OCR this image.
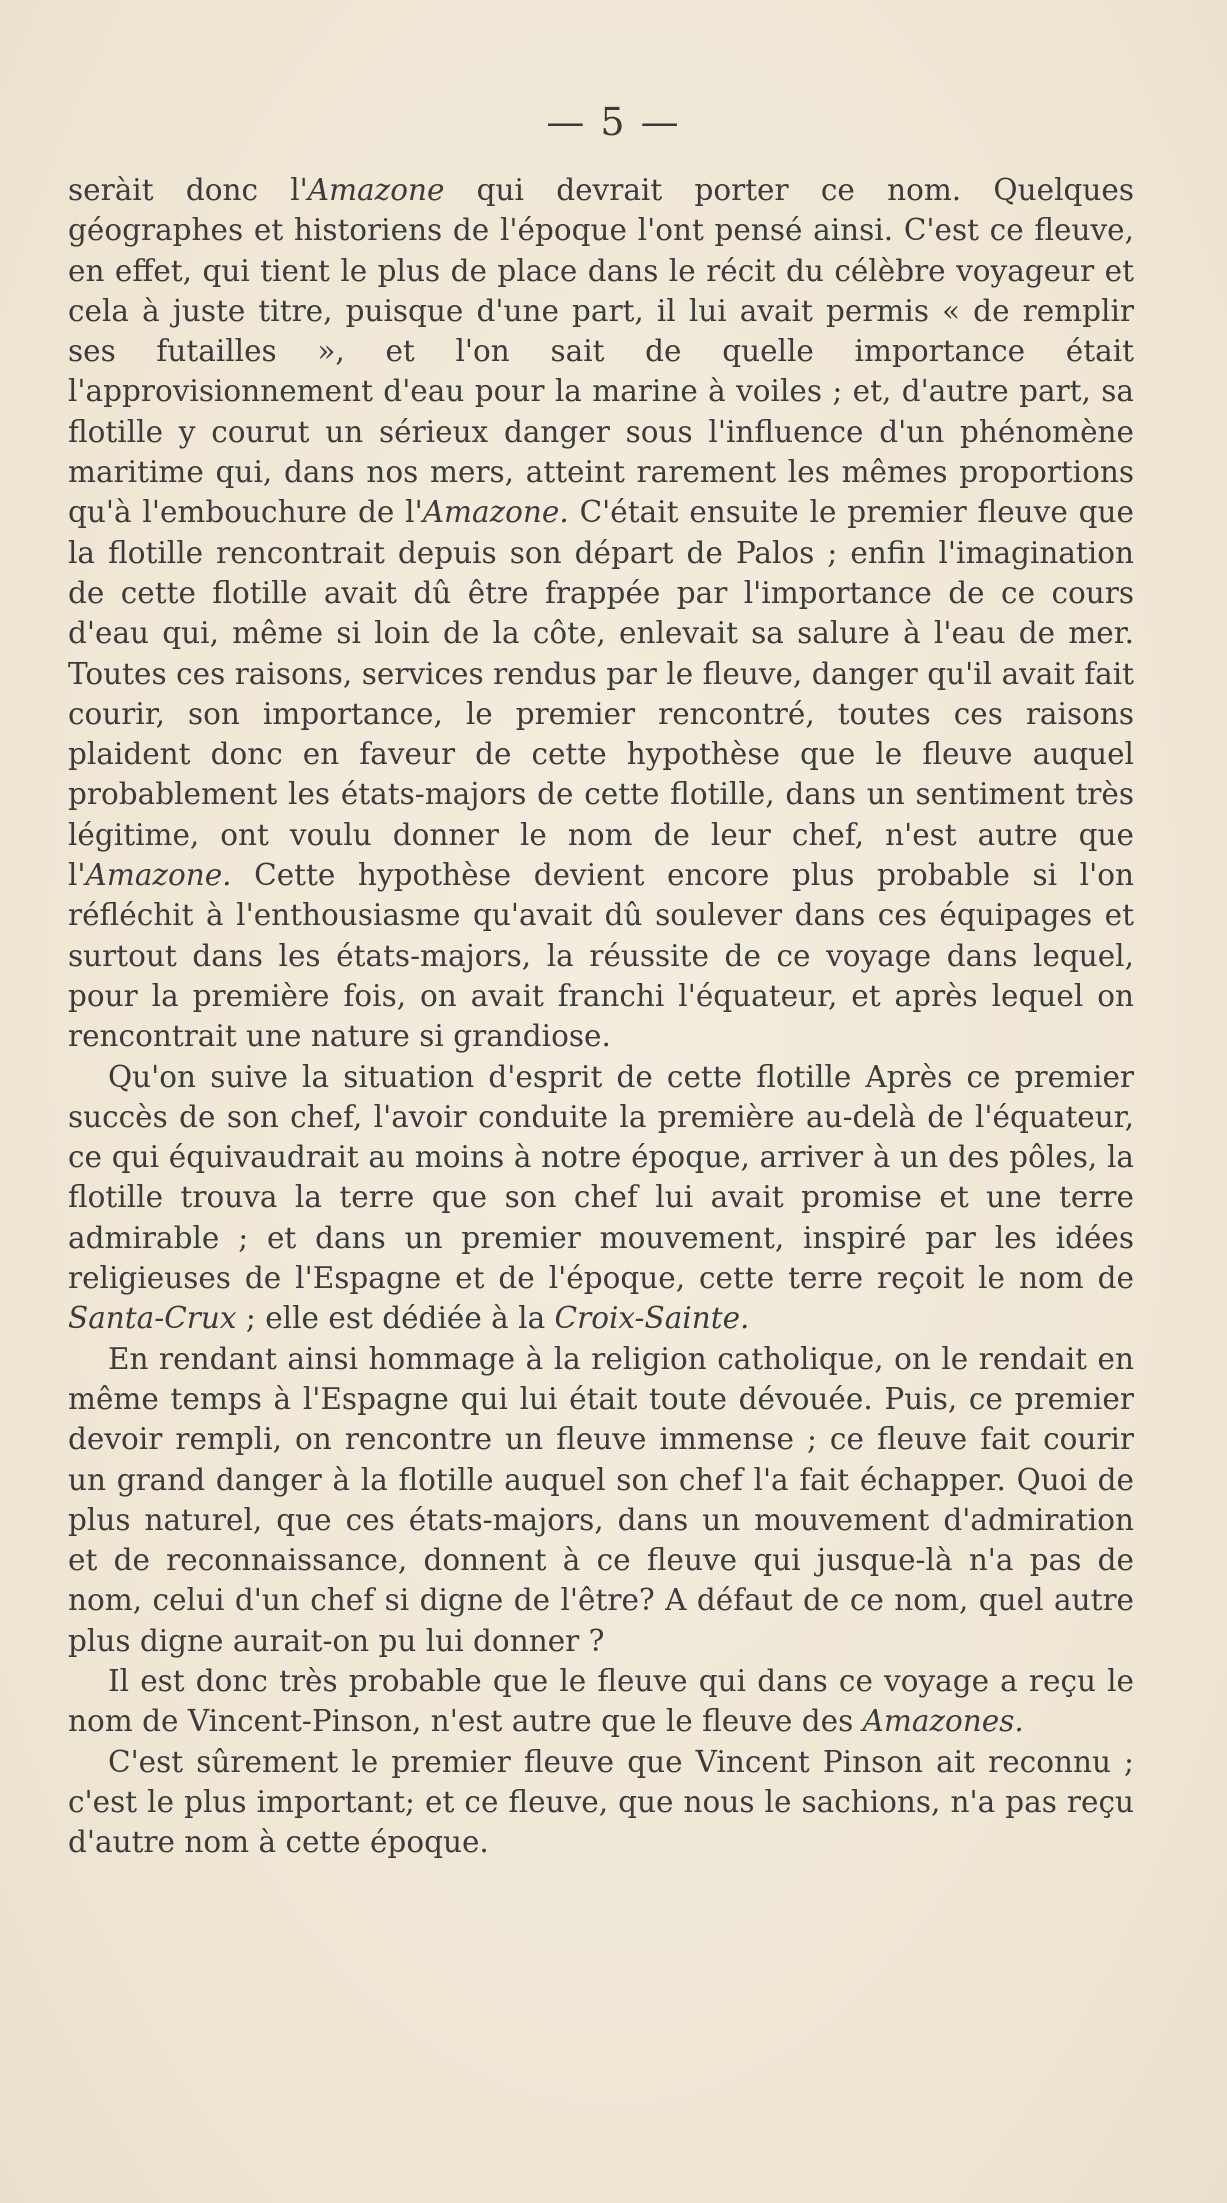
— 5 —

seràit donc l'Amazone qui devrait porter ce nom. Quelques géographes et historiens de l'époque l'ont pensé ainsi. C'est ce fleuve, en effet, qui tient le plus de place dans le récit du célèbre voyageur et cela à juste titre, puisque d'une part, il lui avait permis « de remplir ses futailles », et l'on sait de quelle importance était l'approvisionnement d'eau pour la marine à voiles ; et, d'autre part, sa flotille y courut un sérieux danger sous l'influence d'un phénomène maritime qui, dans nos mers, atteint rarement les mêmes proportions qu'à l'embouchure de l'Amazone. C'était ensuite le premier fleuve que la flotille rencontrait depuis son départ de Palos ; enfin l'imagination de cette flotille avait dû être frappée par l'importance de ce cours d'eau qui, même si loin de la côte, enlevait sa salure à l'eau de mer. Toutes ces raisons, services rendus par le fleuve, danger qu'il avait fait courir, son importance, le premier rencontré, toutes ces raisons plaident donc en faveur de cette hypothèse que le fleuve auquel probablement les états-majors de cette flotille, dans un sentiment très légitime, ont voulu donner le nom de leur chef, n'est autre que l'Amazone. Cette hypothèse devient encore plus probable si l'on réfléchit à l'enthousiasme qu'avait dû soulever dans ces équipages et surtout dans les états-majors, la réussite de ce voyage dans lequel, pour la première fois, on avait franchi l'équateur, et après lequel on rencontrait une nature si grandiose.

Qu'on suive la situation d'esprit de cette flotille Après ce premier succès de son chef, l'avoir conduite la première au-delà de l'équateur, ce qui équivaudrait au moins à notre époque, arriver à un des pôles, la flotille trouva la terre que son chef lui avait promise et une terre admirable ; et dans un premier mouvement, inspiré par les idées religieuses de l'Espagne et de l'époque, cette terre reçoit le nom de Santa-Crux ; elle est dédiée à la Croix-Sainte.

En rendant ainsi hommage à la religion catholique, on le rendait en même temps à l'Espagne qui lui était toute dévouée. Puis, ce premier devoir rempli, on rencontre un fleuve immense ; ce fleuve fait courir un grand danger à la flotille auquel son chef l'a fait échapper. Quoi de plus naturel, que ces états-majors, dans un mouvement d'admiration et de reconnaissance, donnent à ce fleuve qui jusque-là n'a pas de nom, celui d'un chef si digne de l'être? A défaut de ce nom, quel autre plus digne aurait-on pu lui donner ?

Il est donc très probable que le fleuve qui dans ce voyage a reçu le nom de Vincent-Pinson, n'est autre que le fleuve des Amazones.

C'est sûrement le premier fleuve que Vincent Pinson ait reconnu ; c'est le plus important; et ce fleuve, que nous le sachions, n'a pas reçu d'autre nom à cette époque.
